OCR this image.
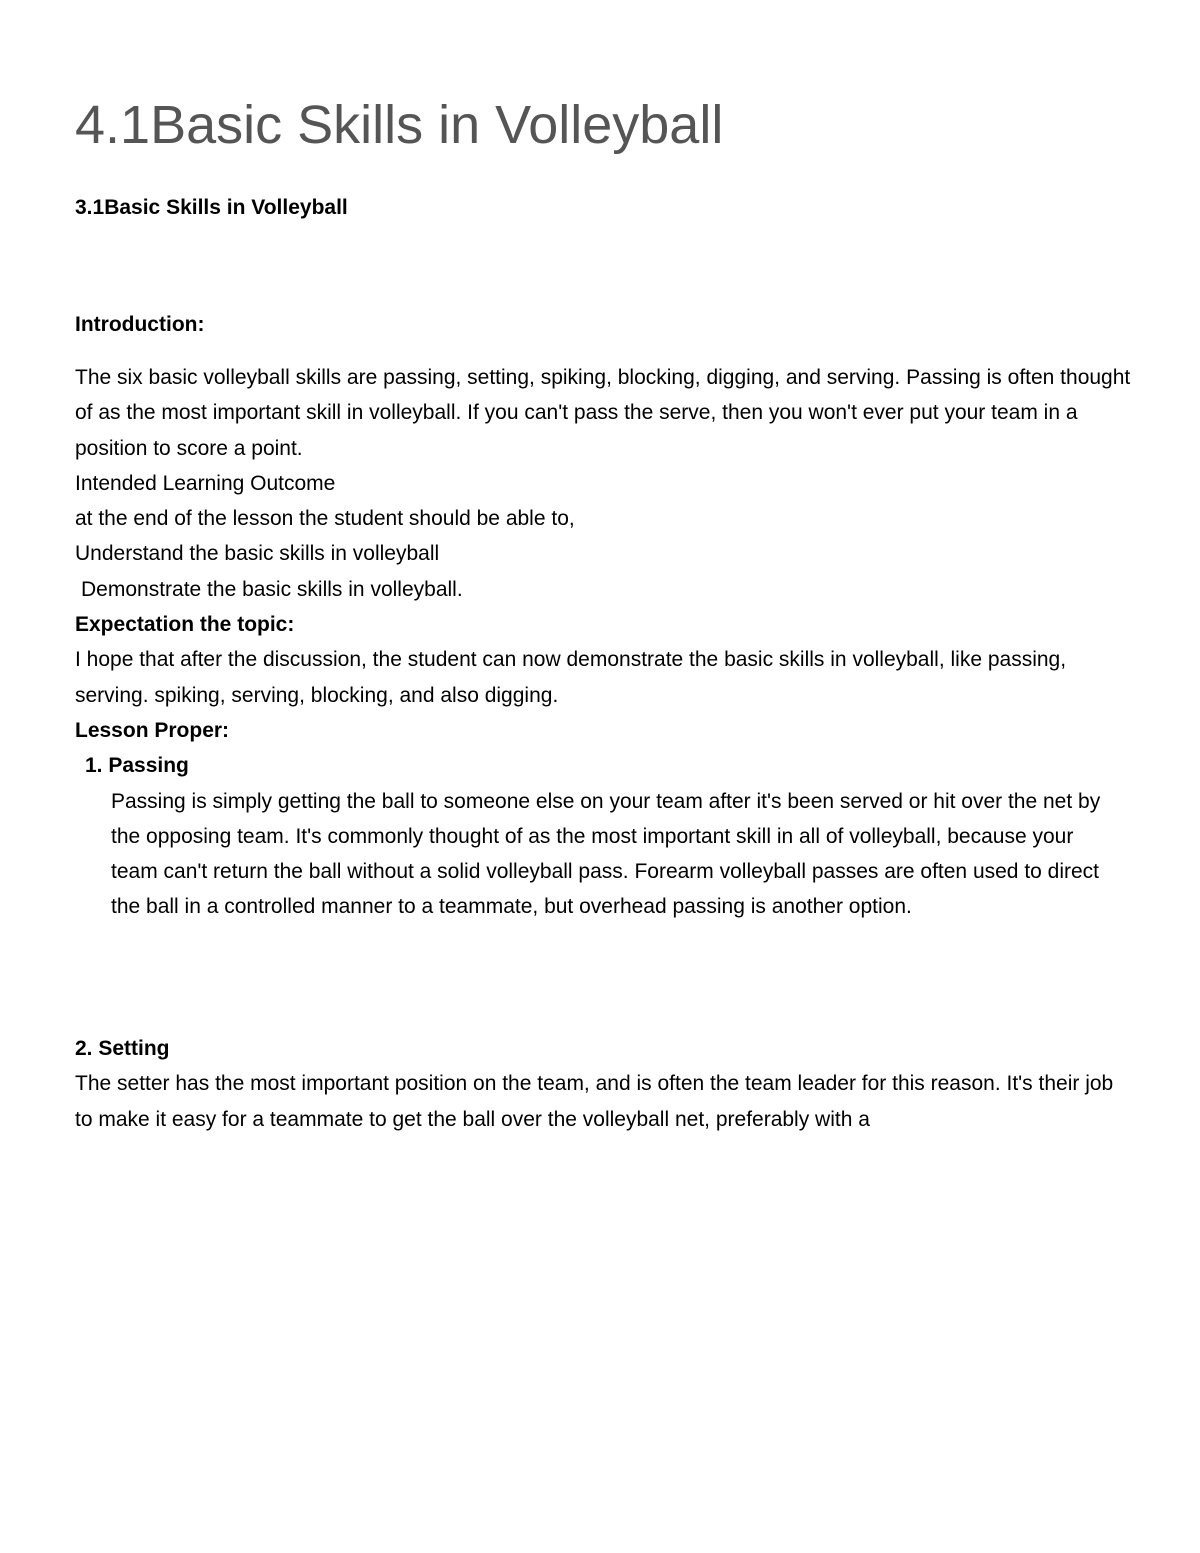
4.1Basic Skills in Volleyball
3.1Basic Skills in Volleyball
Introduction:

The six basic volleyball skills are passing, setting, spiking, blocking, digging, and serving. Passing is often thought of as the most important skill in volleyball. If you can't pass the serve, then you won't ever put your team in a position to score a point.

Intended Learning Outcome

at the end of the lesson the student should be able to,

Understand the basic skills in volleyball

Demonstrate the basic skills in volleyball.

Expectation the topic:

I hope that after the discussion, the student can now demonstrate the basic skills in volleyball, like passing, serving. spiking, serving, blocking, and also digging.

Lesson Proper:

1. Passing

Passing is simply getting the ball to someone else on your team after it's been served or hit over the net by the opposing team. It's commonly thought of as the most important skill in all of volleyball, because your team can't return the ball without a solid volleyball pass. Forearm volleyball passes are often used to direct the ball in a controlled manner to a teammate, but overhead passing is another option.

2. Setting

The setter has the most important position on the team, and is often the team leader for this reason. It's their job to make it easy for a teammate to get the ball over the volleyball net, preferably with a
